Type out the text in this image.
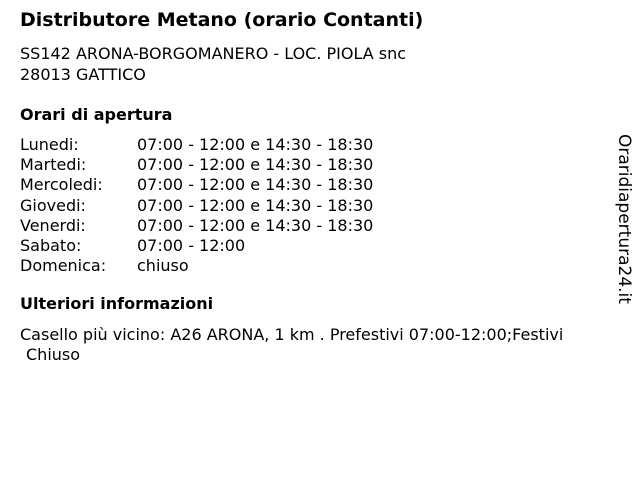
Distributore Metano (orario Contanti)
SS142 ARONA-BORGOMANERO - LOC. PIOLA snc
28013 GATTICO
Orari di apertura
Lunedi:	07:00 - 12:00 e 14:30 - 18:30
Martedi:	07:00 - 12:00 e 14:30 - 18:30
Mercoledi: 07:00 - 12:00 e 14:30 - 18:30
Giovedi:	07:00 - 12:00 e 14:30 - 18:30
Venerdi:	07:00 - 12:00 e 14:30 - 18:30
Sabato:	07:00 - 12:00
Domenica: chiuso
Ulteriori informazioni
Casello più vicino: A26 ARONA, 1 km . Prefestivi 07:00-12:00;Festivi
Chiuso
Oraridiapertura24.it
